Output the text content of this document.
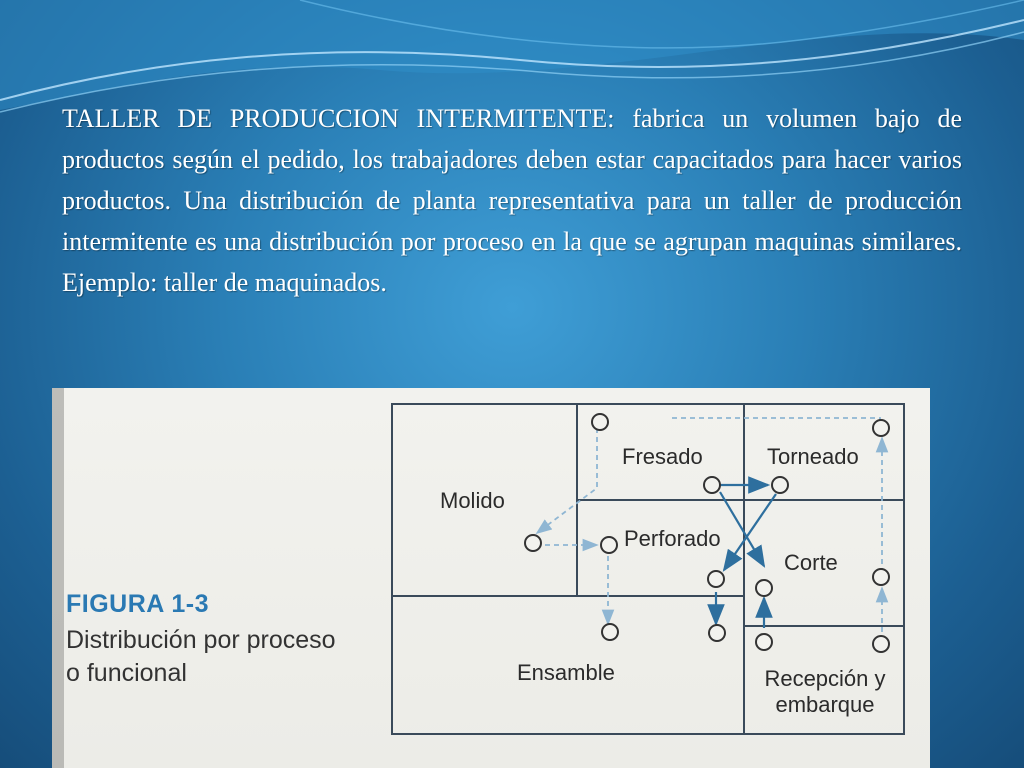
TALLER DE PRODUCCION INTERMITENTE: fabrica un volumen bajo de productos según el pedido, los trabajadores deben estar capacitados para hacer varios productos. Una distribución de planta representativa para un taller de producción intermitente es una distribución por proceso en la que se agrupan maquinas similares. Ejemplo: taller de maquinados.
FIGURA 1-3
Distribución por proceso o funcional
Molido
Fresado	Torneado
Perforado
Corte
Ensamble	Recepción y embarque
